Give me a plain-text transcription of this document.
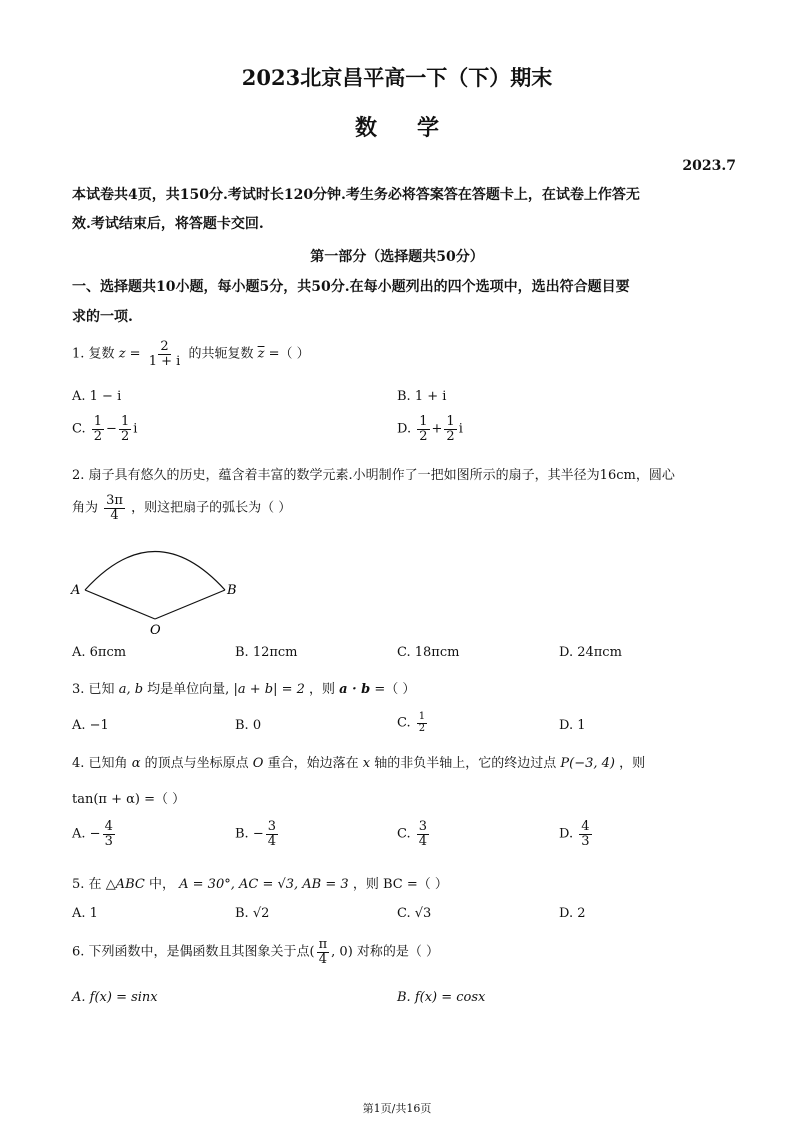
2023北京昌平高一下（下）期末
数学
2023.7
本试卷共4页，共150分.考试时长120分钟.考生务必将答案答在答题卡上，在试卷上作答无
效.考试结束后，将答题卡交回.
第一部分（选择题共50分）
一、选择题共10小题，每小题5分，共50分.在每小题列出的四个选项中，选出符合题目要
求的一项.
1. 复数 $z = \frac{2}{1 + i}$ 的共轭复数 $\overline{z}$ =（ ）
A. 1 − i	B. 1 + i
C. $\frac{1}{2} - \frac{1}{2}$ i	D. $\frac{1}{2} + \frac{1}{2}$ i
2. 扇子具有悠久的历史，蕴含着丰富的数学元素.小明制作了一把如图所示的扇子，其半径为16cm，圆心
角为 $\frac{3\pi}{4}$ ，则这把扇子的弧长为（ ）
A	B
O
A. 6πcm	B. 12πcm	C. 18πcm	D. 24πcm
3. 已知 a, b 均是单位向量, |a + b| = 2 ，则 a · b =（ ）
A. −1	B. 0	C. $\frac{1}{2}$	D. 1
4. 已知角 α 的顶点与坐标原点 O 重合，始边落在 x 轴的非负半轴上，它的终边过点 P(−3, 4) ，则
tan(π + α) =（ ）
A. − $\frac{4}{3}$	B. − $\frac{3}{4}$	C. $\frac{3}{4}$	D. $\frac{4}{3}$
5. 在 △ABC 中， A = 30°, AC = √3, AB = 3 ，则 BC =（ ）
A. 1	B. √2	C. √3	D. 2
6. 下列函数中，是偶函数且其图象关于点( $\frac{\pi}{4}$ , 0) 对称的是（ ）
A. f(x) = sinx	B. f(x) = cosx
第1页/共16页
